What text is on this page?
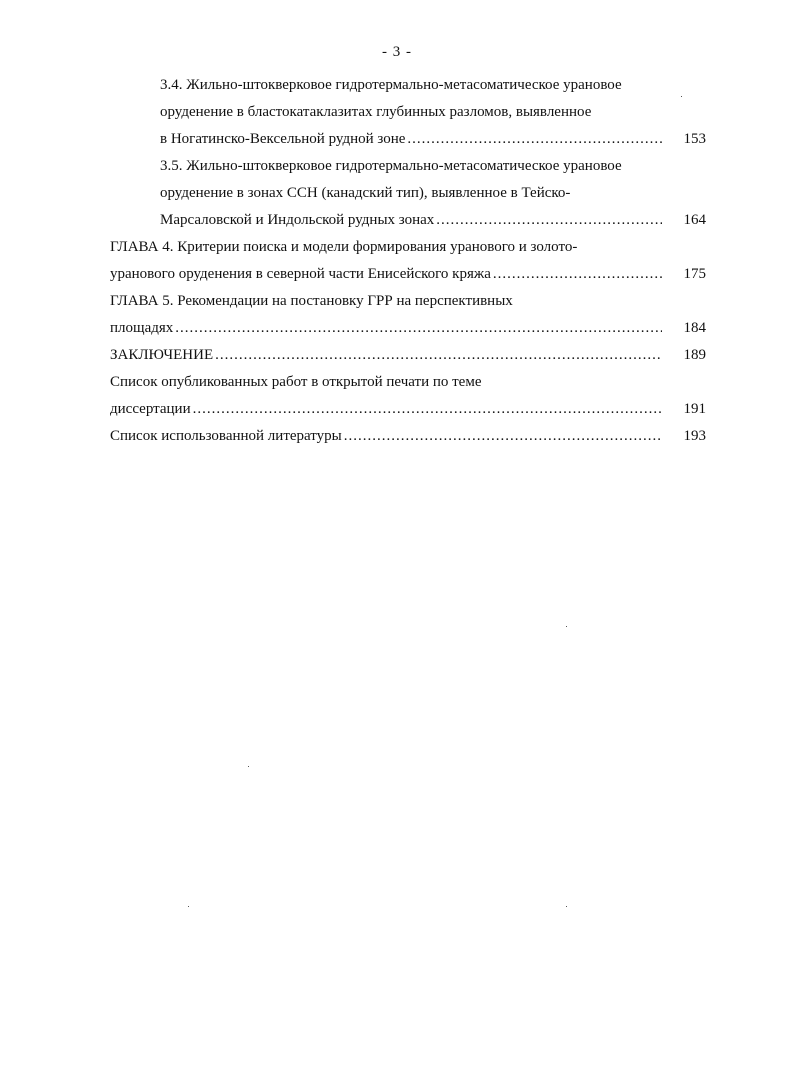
- 3 -
3.4. Жильно-штокверковое гидротермально-метасоматическое урановое
оруденение в бластокатаклазитах глубинных разломов, выявленное
в Ногатинско-Вексельной рудной зоне .....	153
3.5. Жильно-штокверковое гидротермально-метасоматическое урановое
оруденение в зонах ССН (канадский тип), выявленное в Тейско-
Марсаловской и Индольской рудных зонах .....	164
ГЛАВА 4. Критерии поиска и модели формирования уранового и золото-
уранового оруденения в северной части Енисейского кряжа .....	175
ГЛАВА 5. Рекомендации на постановку ГРР на перспективных
площадях .....	184
ЗАКЛЮЧЕНИЕ .....	189
Список опубликованных работ в открытой печати по теме
диссертации .....	191
Список использованной литературы .....	193
